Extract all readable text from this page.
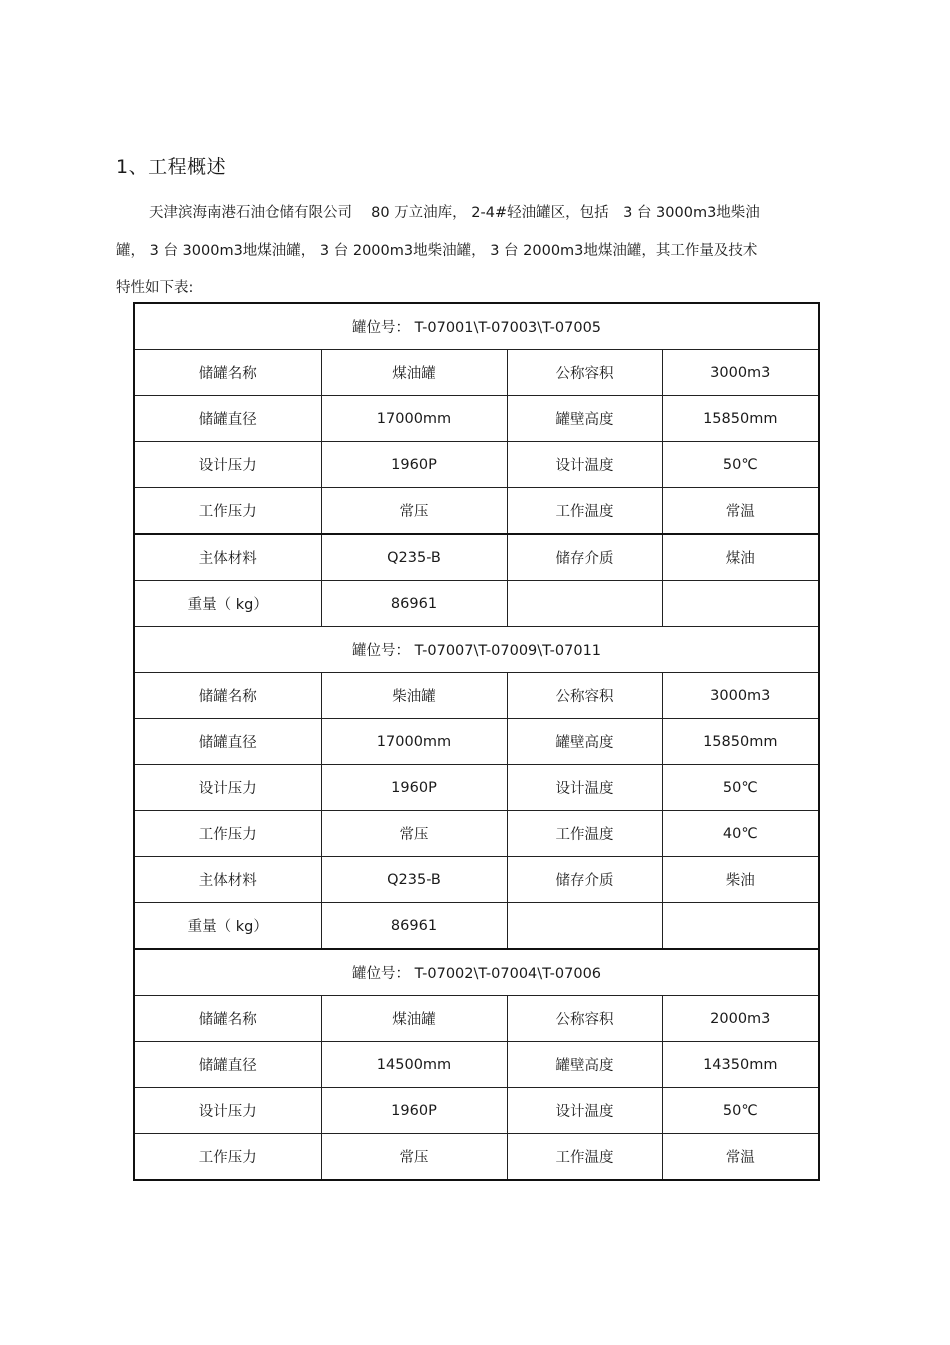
1、工程概述
天津滨海南港石油仓储有限公司　 80 万立油库， 2-4#轻油罐区，包括　3 台 3000m3地柴油
罐， 3 台 3000m3地煤油罐， 3 台 2000m3地柴油罐， 3 台 2000m3地煤油罐，其工作量及技术
特性如下表:
罐位号： T-07001\T-07003\T-07005			
储罐名称	煤油罐	公称容积	3000m3
储罐直径	17000mm	罐壁高度	15850mm
设计压力	1960P	设计温度	50℃
工作压力	常压	工作温度	常温
主体材料	Q235-B	储存介质	煤油
重量（ kg）	86961		
罐位号： T-07007\T-07009\T-07011			
储罐名称	柴油罐	公称容积	3000m3
储罐直径	17000mm	罐壁高度	15850mm
设计压力	1960P	设计温度	50℃
工作压力	常压	工作温度	40℃
主体材料	Q235-B	储存介质	柴油
重量（ kg）	86961		
罐位号： T-07002\T-07004\T-07006			
储罐名称	煤油罐	公称容积	2000m3
储罐直径	14500mm	罐壁高度	14350mm
设计压力	1960P	设计温度	50℃
工作压力	常压	工作温度	常温
